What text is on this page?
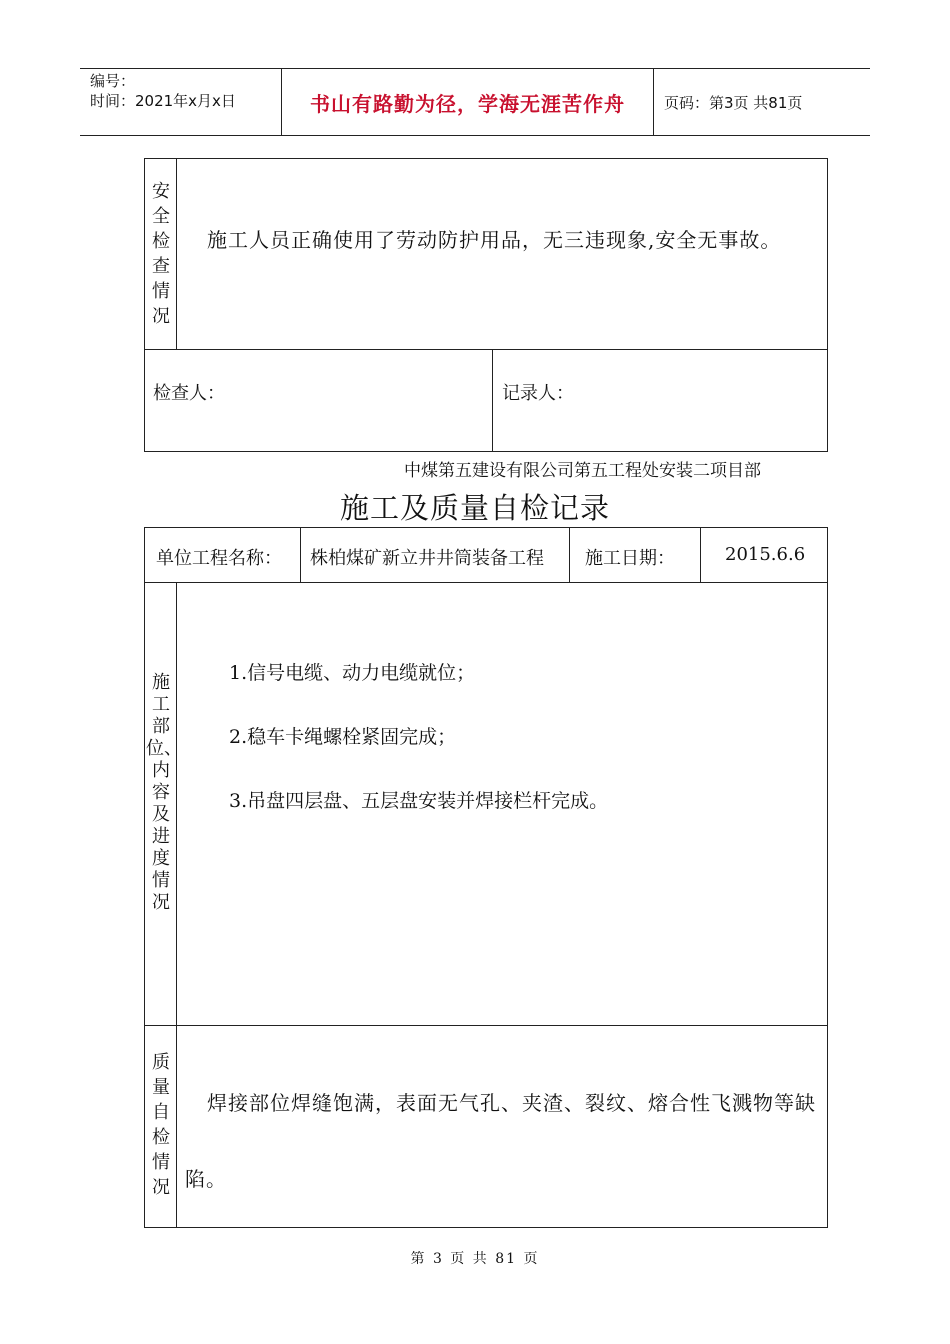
编号：
时间：2021年x月x日	书山有路勤为径，学海无涯苦作舟	页码：第3页 共81页
安全检查情况
施工人员正确使用了劳动防护用品，无三违现象,安全无事故。
检查人：	记录人：
中煤第五建设有限公司第五工程处安装二项目部
施工及质量自检记录
单位工程名称： 株柏煤矿新立井井筒装备工程 施工日期：	2015.6.6
施工部位、内容及进度情况
1.信号电缆、动力电缆就位；
2.稳车卡绳螺栓紧固完成；
3.吊盘四层盘、五层盘安装并焊接栏杆完成。
质量自检情况
焊接部位焊缝饱满，表面无气孔、夹渣、裂纹、熔合性飞溅物等缺陷。
第 3 页 共 81 页
